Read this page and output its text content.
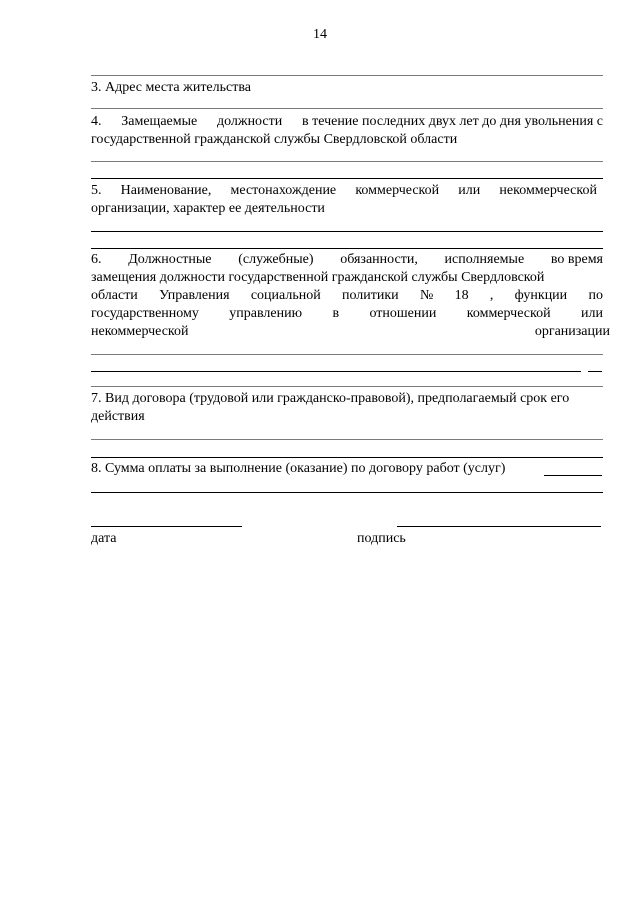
14
3. Адрес места жительства
4. Замещаемые должности в течение последних двух лет до дня увольнения с
государственной гражданской службы Свердловской области
5. Наименование, местонахождение коммерческой или некоммерческой
организации, характер ее деятельности
6. Должностные (служебные) обязанности, исполняемые во время
замещения должности государственной гражданской службы Свердловской
области Управления социальной политики № 18 , функции по
государственному управлению в отношении коммерческой или
некоммерческой	организации
7. Вид договора (трудовой или гражданско-правовой), предполагаемый срок его
действия
8. Сумма оплаты за выполнение (оказание) по договору работ (услуг)
дата	подпись
